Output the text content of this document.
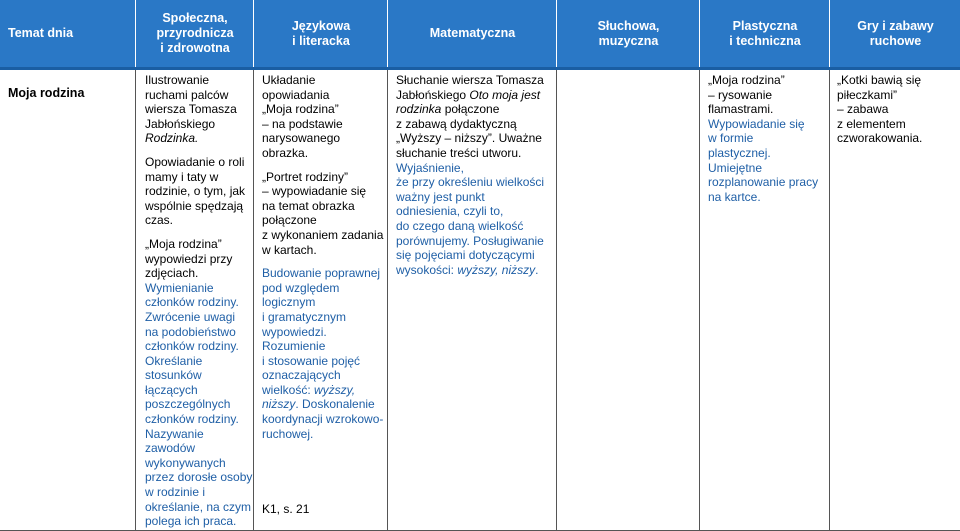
Temat dnia
Społeczna,
przyrodnicza
i zdrowotna
Językowa
i literacka
Matematyczna
Słuchowa,
muzyczna
Plastyczna
i techniczna
Gry i zabawy
ruchowe
Moja rodzina

Ilustrowanie

ruchami palców

wiersza Tomasza

Jabłońskiego

Rodzinka.

Opowiadanie o roli

mamy i taty w

rodzinie, o tym, jak

wspólnie spędzają

czas.

„Moja rodzina”

wypowiedzi przy

zdjęciach.

Wymienianie

członków rodziny.

Zwrócenie uwagi

na podobieństwo

członków rodziny.

Określanie

stosunków

łączących

poszczególnych

członków rodziny.

Nazywanie

zawodów

wykonywanych

przez dorosłe osoby

w rodzinie i

określanie, na czym

polega ich praca.

Układanie

opowiadania

„Moja rodzina”

– na podstawie

narysowanego

obrazka.

„Portret rodziny”

– wypowiadanie się

na temat obrazka

połączone

z wykonaniem zadania

w kartach.

Budowanie poprawnej

pod względem

logicznym

i gramatycznym

wypowiedzi.

Rozumienie

i stosowanie pojęć

oznaczających

wielkość: wyższy,

niższy. Doskonalenie

koordynacji wzrokowo-

ruchowej.

K1, s. 21

Słuchanie wiersza Tomasza

Jabłońskiego Oto moja jest

rodzinka połączone

z zabawą dydaktyczną

„Wyższy – niższy”. Uważne

słuchanie treści utworu.

Wyjaśnienie,

że przy określeniu wielkości

ważny jest punkt

odniesienia, czyli to,

do czego daną wielkość

porównujemy. Posługiwanie

się pojęciami dotyczącymi

wysokości: wyższy, niższy.

„Moja rodzina”

– rysowanie

flamastrami.

Wypowiadanie się

w formie

plastycznej.

Umiejętne

rozplanowanie pracy

na kartce.

„Kotki bawią się

piłeczkami”

– zabawa

z elementem

czworakowania.
